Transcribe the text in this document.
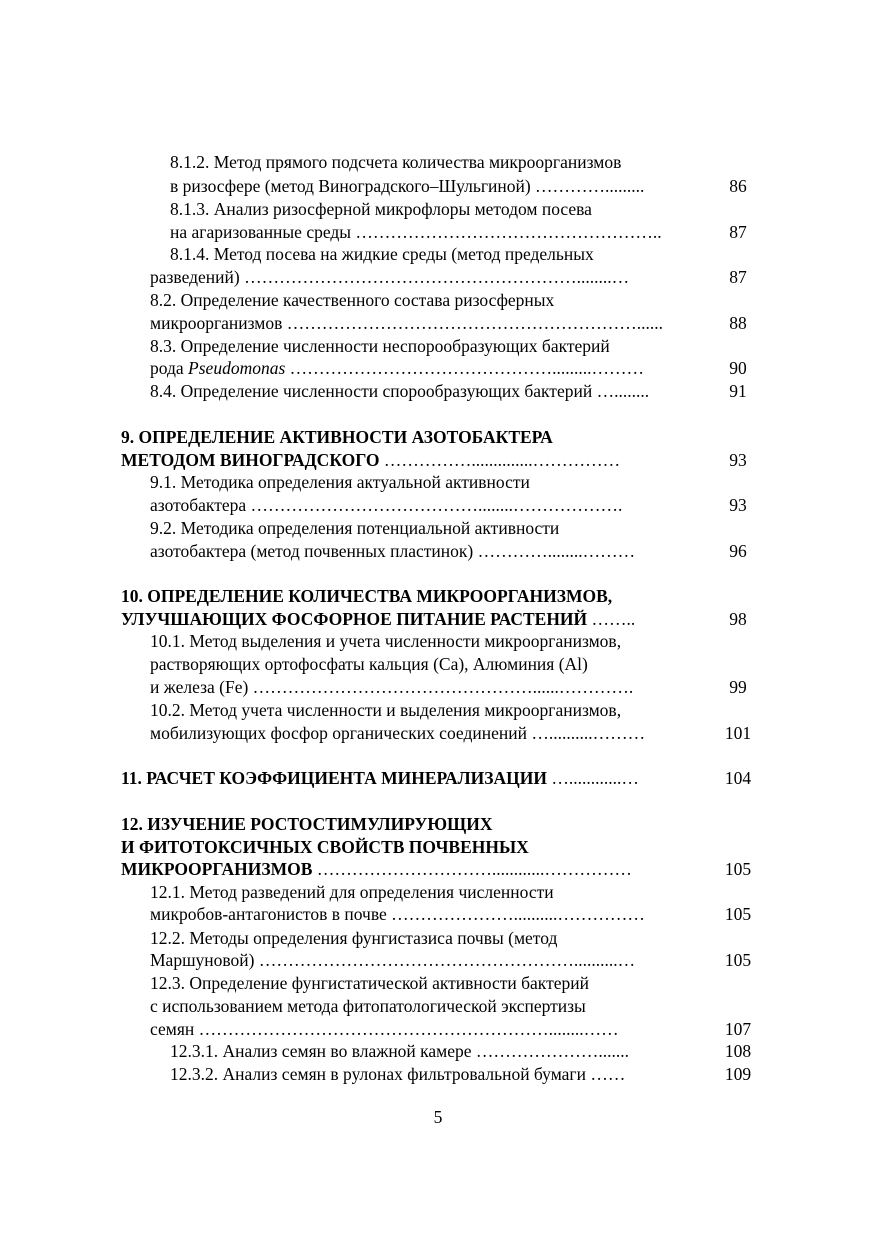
8.1.2. Метод прямого подсчета количества микроорганизмов
в ризосфере (метод Виноградского–Шульгиной) ………….........	86
8.1.3. Анализ ризосферной микрофлоры методом посева
на агаризованные среды ……………………………………………..	87
8.1.4. Метод посева на жидкие среды (метод предельных
разведений) …………………………………………………........…	87
8.2. Определение качественного состава ризосферных
микроорганизмов ……………………………………………………......	88
8.3. Определение численности неспорообразующих бактерий
рода Pseudomonas ……………………………………….........………	90
8.4. Определение численности спорообразующих бактерий …........	91
9. ОПРЕДЕЛЕНИЕ АКТИВНОСТИ АЗОТОБАКТЕРА
МЕТОДОМ ВИНОГРАДСКОГО ……………..............……………	93
9.1. Методика определения актуальной активности
азотобактера …………………………………........……………….	93
9.2. Методика определения потенциальной активности
азотобактера (метод почвенных пластинок) …………........………	96
10. ОПРЕДЕЛЕНИЕ КОЛИЧЕСТВА МИКРООРГАНИЗМОВ,
УЛУЧШАЮЩИХ ФОСФОРНОЕ ПИТАНИЕ РАСТЕНИЙ ……..	98
10.1. Метод выделения и учета численности микроорганизмов,
растворяющих ортофосфаты кальция (Ca), Алюминия (Al)
и железа (Fe) …………………………………………......………….	99
10.2. Метод учета численности и выделения микроорганизмов,
мобилизующих фосфор органических соединений …..........………	101
11. РАСЧЕТ КОЭФФИЦИЕНТА МИНЕРАЛИЗАЦИИ …............…	104
12. ИЗУЧЕНИЕ РОСТОСТИМУЛИРУЮЩИХ
И ФИТОТОКСИЧНЫХ СВОЙСТВ ПОЧВЕННЫХ
МИКРООРГАНИЗМОВ …………………………............……………	105
12.1. Метод разведений для определения численности
микробов-антагонистов в почве …………………..........……………	105
12.2. Методы определения фунгистазиса почвы (метод
Маршуновой) ………………………………………………..........…	105
12.3. Определение фунгистатической активности бактерий
с использованием метода фитопатологической экспертизы
семян ……………………………………………………........……	107
12.3.1. Анализ семян во влажной камере ………………….......	108
12.3.2. Анализ семян в рулонах фильтровальной бумаги ……	109
5
